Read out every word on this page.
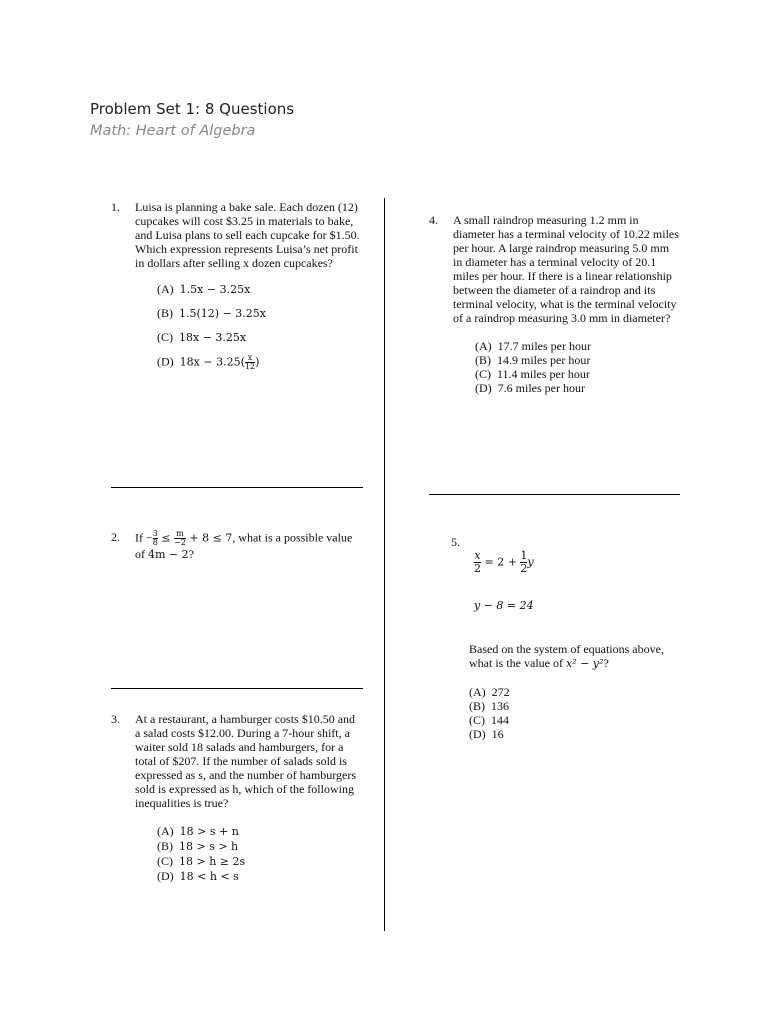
Problem Set 1: 8 Questions
Math: Heart of Algebra
1. Luisa is planning a bake sale. Each dozen (12) cupcakes will cost $3.25 in materials to bake, and Luisa plans to sell each cupcake for $1.50. Which expression represents Luisa’s net profit in dollars after selling x dozen cupcakes?
(A) 1.5x − 3.25x
(B) 1.5(12) − 3.25x
(C) 18x − 3.25x
(D) $18x - 3.25( \frac{x}{12}$ )
2. $If - \frac{3}{8} \le \frac{m}{-2} + 8 \le 7$, what is a possible value of 4m − 2?
3. At a restaurant, a hamburger costs $10.50 and a salad costs $12.00. During a 7-hour shift, a waiter sold 18 salads and hamburgers, for a total of $207. If the number of salads sold is expressed as s, and the number of hamburgers sold is expressed as h, which of the following inequalities is true?
(A) 18 > s + n
(B) 18 > s > h
(C) 18 > h ≥ 2s
(D) 18 < h < s
4. A small raindrop measuring 1.2 mm in diameter has a terminal velocity of 10.22 miles per hour. A large raindrop measuring 5.0 mm in diameter has a terminal velocity of 20.1 miles per hour. If there is a linear relationship between the diameter of a raindrop and its terminal velocity, what is the terminal velocity of a raindrop measuring 3.0 mm in diameter?
(A) 17.7 miles per hour
(B) 14.9 miles per hour
(C) 11.4 miles per hour
(D) 7.6 miles per hour
5.
$\frac{x}{2} = 2 + \frac{1}{2}$ y
y − 8 = 24
Based on the system of equations above, what is the value of x² − y²?
(A) 272
(B) 136
(C) 144
(D) 16
